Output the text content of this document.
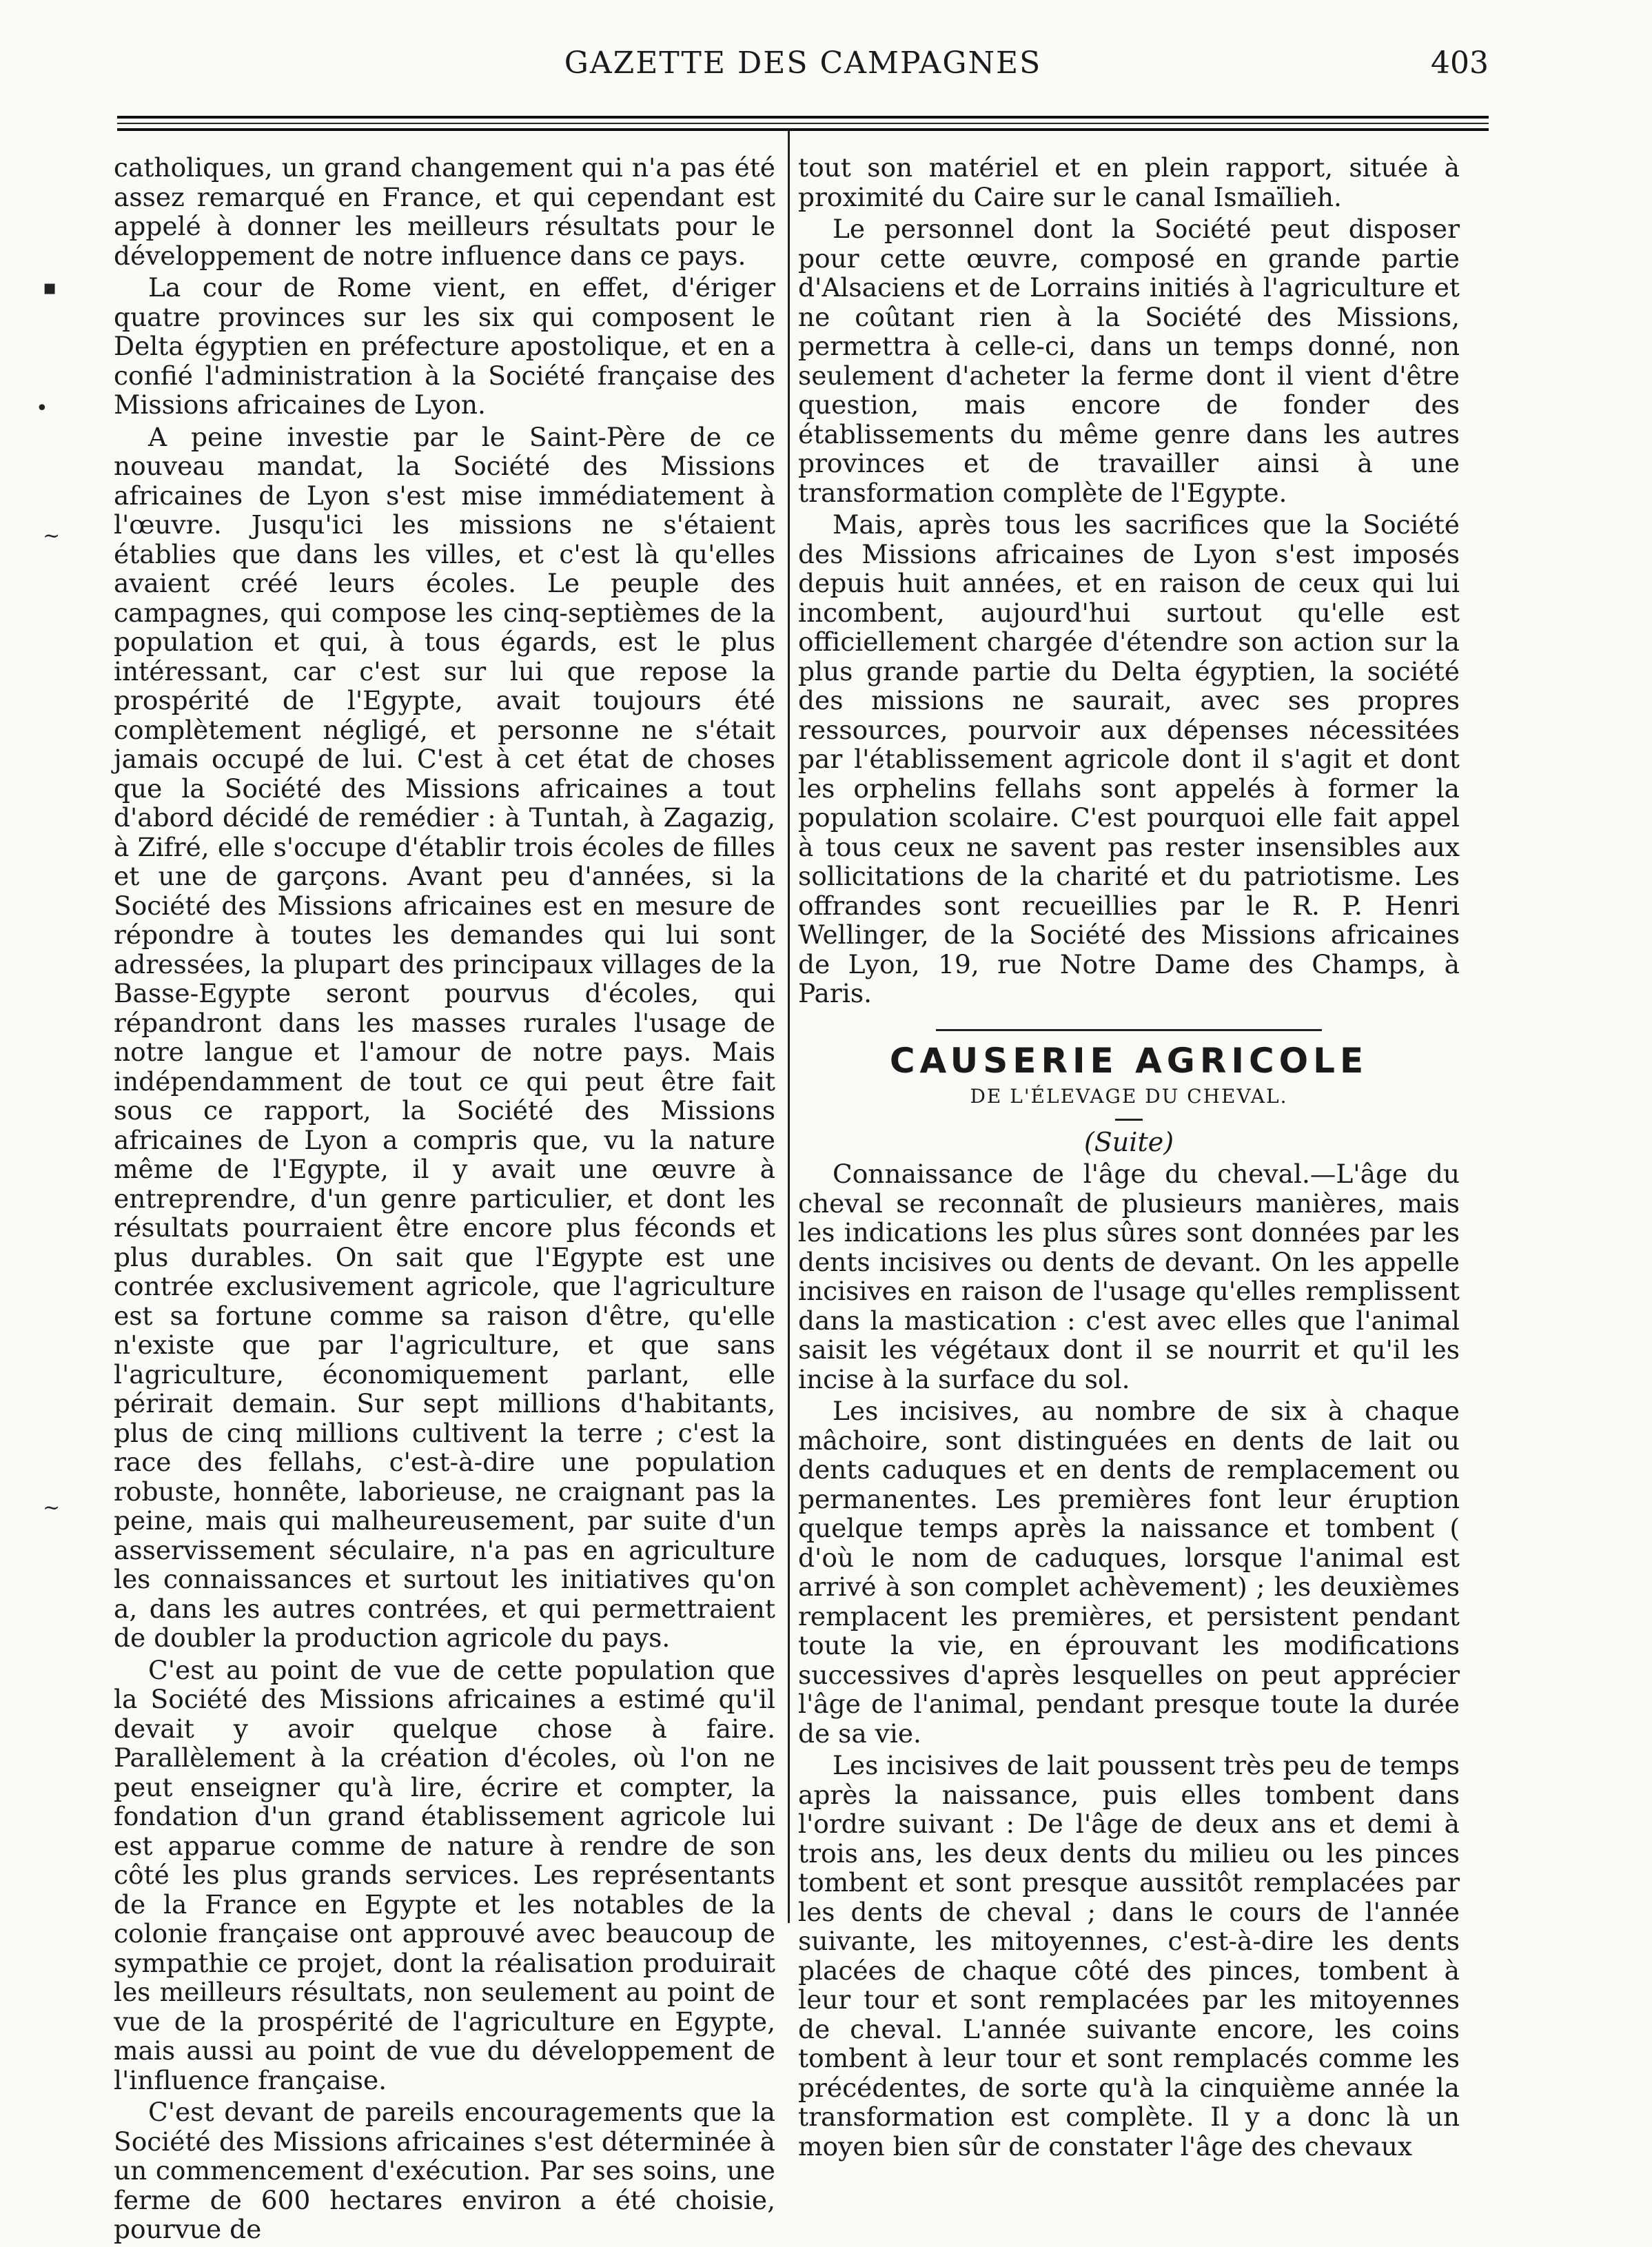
GAZETTE DES CAMPAGNES	403

catholiques, un grand changement qui n'a pas été assez remarqué en France, et qui cependant est appelé à donner les meilleurs résultats pour le développement de notre influence dans ce pays.

La cour de Rome vient, en effet, d'ériger quatre provinces sur les six qui composent le Delta égyptien en préfecture apostolique, et en a confié l'administration à la Société française des Missions africaines de Lyon.

A peine investie par le Saint-Père de ce nouveau mandat, la Société des Missions africaines de Lyon s'est mise immédiatement à l'œuvre. Jusqu'ici les missions ne s'étaient établies que dans les villes, et c'est là qu'elles avaient créé leurs écoles. Le peuple des campagnes, qui compose les cinq-septièmes de la population et qui, à tous égards, est le plus intéressant, car c'est sur lui que repose la prospérité de l'Egypte, avait toujours été complètement négligé, et personne ne s'était jamais occupé de lui. C'est à cet état de choses que la Société des Missions africaines a tout d'abord décidé de remédier : à Tuntah, à Zagazig, à Zifré, elle s'occupe d'établir trois écoles de filles et une de garçons. Avant peu d'années, si la Société des Missions africaines est en mesure de répondre à toutes les demandes qui lui sont adressées, la plupart des principaux villages de la Basse-Egypte seront pourvus d'écoles, qui répandront dans les masses rurales l'usage de notre langue et l'amour de notre pays. Mais indépendamment de tout ce qui peut être fait sous ce rapport, la Société des Missions africaines de Lyon a compris que, vu la nature même de l'Egypte, il y avait une œuvre à entreprendre, d'un genre particulier, et dont les résultats pourraient être encore plus féconds et plus durables. On sait que l'Egypte est une contrée exclusivement agricole, que l'agriculture est sa fortune comme sa raison d'être, qu'elle n'existe que par l'agriculture, et que sans l'agriculture, économiquement parlant, elle périrait demain. Sur sept millions d'habitants, plus de cinq millions cultivent la terre ; c'est la race des fellahs, c'est-à-dire une population robuste, honnête, laborieuse, ne craignant pas la peine, mais qui malheureusement, par suite d'un asservissement séculaire, n'a pas en agriculture les connaissances et surtout les initiatives qu'on a, dans les autres contrées, et qui permettraient de doubler la production agricole du pays.

C'est au point de vue de cette population que la Société des Missions africaines a estimé qu'il devait y avoir quelque chose à faire. Parallèlement à la création d'écoles, où l'on ne peut enseigner qu'à lire, écrire et compter, la fondation d'un grand établissement agricole lui est apparue comme de nature à rendre de son côté les plus grands services. Les représentants de la France en Egypte et les notables de la colonie française ont approuvé avec beaucoup de sympathie ce projet, dont la réalisation produirait les meilleurs résultats, non seulement au point de vue de la prospérité de l'agriculture en Egypte, mais aussi au point de vue du développement de l'influence française.

C'est devant de pareils encouragements que la Société des Missions africaines s'est déterminée à un commencement d'exécution. Par ses soins, une ferme de 600 hectares environ a été choisie, pourvue de

tout son matériel et en plein rapport, située à proximité du Caire sur le canal Ismaïlieh.

Le personnel dont la Société peut disposer pour cette œuvre, composé en grande partie d'Alsaciens et de Lorrains initiés à l'agriculture et ne coûtant rien à la Société des Missions, permettra à celle-ci, dans un temps donné, non seulement d'acheter la ferme dont il vient d'être question, mais encore de fonder des établissements du même genre dans les autres provinces et de travailler ainsi à une transformation complète de l'Egypte.

Mais, après tous les sacrifices que la Société des Missions africaines de Lyon s'est imposés depuis huit années, et en raison de ceux qui lui incombent, aujourd'hui surtout qu'elle est officiellement chargée d'étendre son action sur la plus grande partie du Delta égyptien, la société des missions ne saurait, avec ses propres ressources, pourvoir aux dépenses nécessitées par l'établissement agricole dont il s'agit et dont les orphelins fellahs sont appelés à former la population scolaire. C'est pourquoi elle fait appel à tous ceux ne savent pas rester insensibles aux sollicitations de la charité et du patriotisme. Les offrandes sont recueillies par le R. P. Henri Wellinger, de la Société des Missions africaines de Lyon, 19, rue Notre Dame des Champs, à Paris.

CAUSERIE AGRICOLE
DE L'ÉLEVAGE DU CHEVAL.
(Suite)

Connaissance de l'âge du cheval.—L'âge du cheval se reconnaît de plusieurs manières, mais les indications les plus sûres sont données par les dents incisives ou dents de devant. On les appelle incisives en raison de l'usage qu'elles remplissent dans la mastication : c'est avec elles que l'animal saisit les végétaux dont il se nourrit et qu'il les incise à la surface du sol.

Les incisives, au nombre de six à chaque mâchoire, sont distinguées en dents de lait ou dents caduques et en dents de remplacement ou permanentes. Les premières font leur éruption quelque temps après la naissance et tombent ( d'où le nom de caduques, lorsque l'animal est arrivé à son complet achèvement) ; les deuxièmes remplacent les premières, et persistent pendant toute la vie, en éprouvant les modifications successives d'après lesquelles on peut apprécier l'âge de l'animal, pendant presque toute la durée de sa vie.

Les incisives de lait poussent très peu de temps après la naissance, puis elles tombent dans l'ordre suivant : De l'âge de deux ans et demi à trois ans, les deux dents du milieu ou les pinces tombent et sont presque aussitôt remplacées par les dents de cheval ; dans le cours de l'année suivante, les mitoyennes, c'est-à-dire les dents placées de chaque côté des pinces, tombent à leur tour et sont remplacées par les mitoyennes de cheval. L'année suivante encore, les coins tombent à leur tour et sont remplacés comme les précédentes, de sorte qu'à la cinquième année la transformation est complète. Il y a donc là un moyen bien sûr de constater l'âge des chevaux

▪
•
~
~
